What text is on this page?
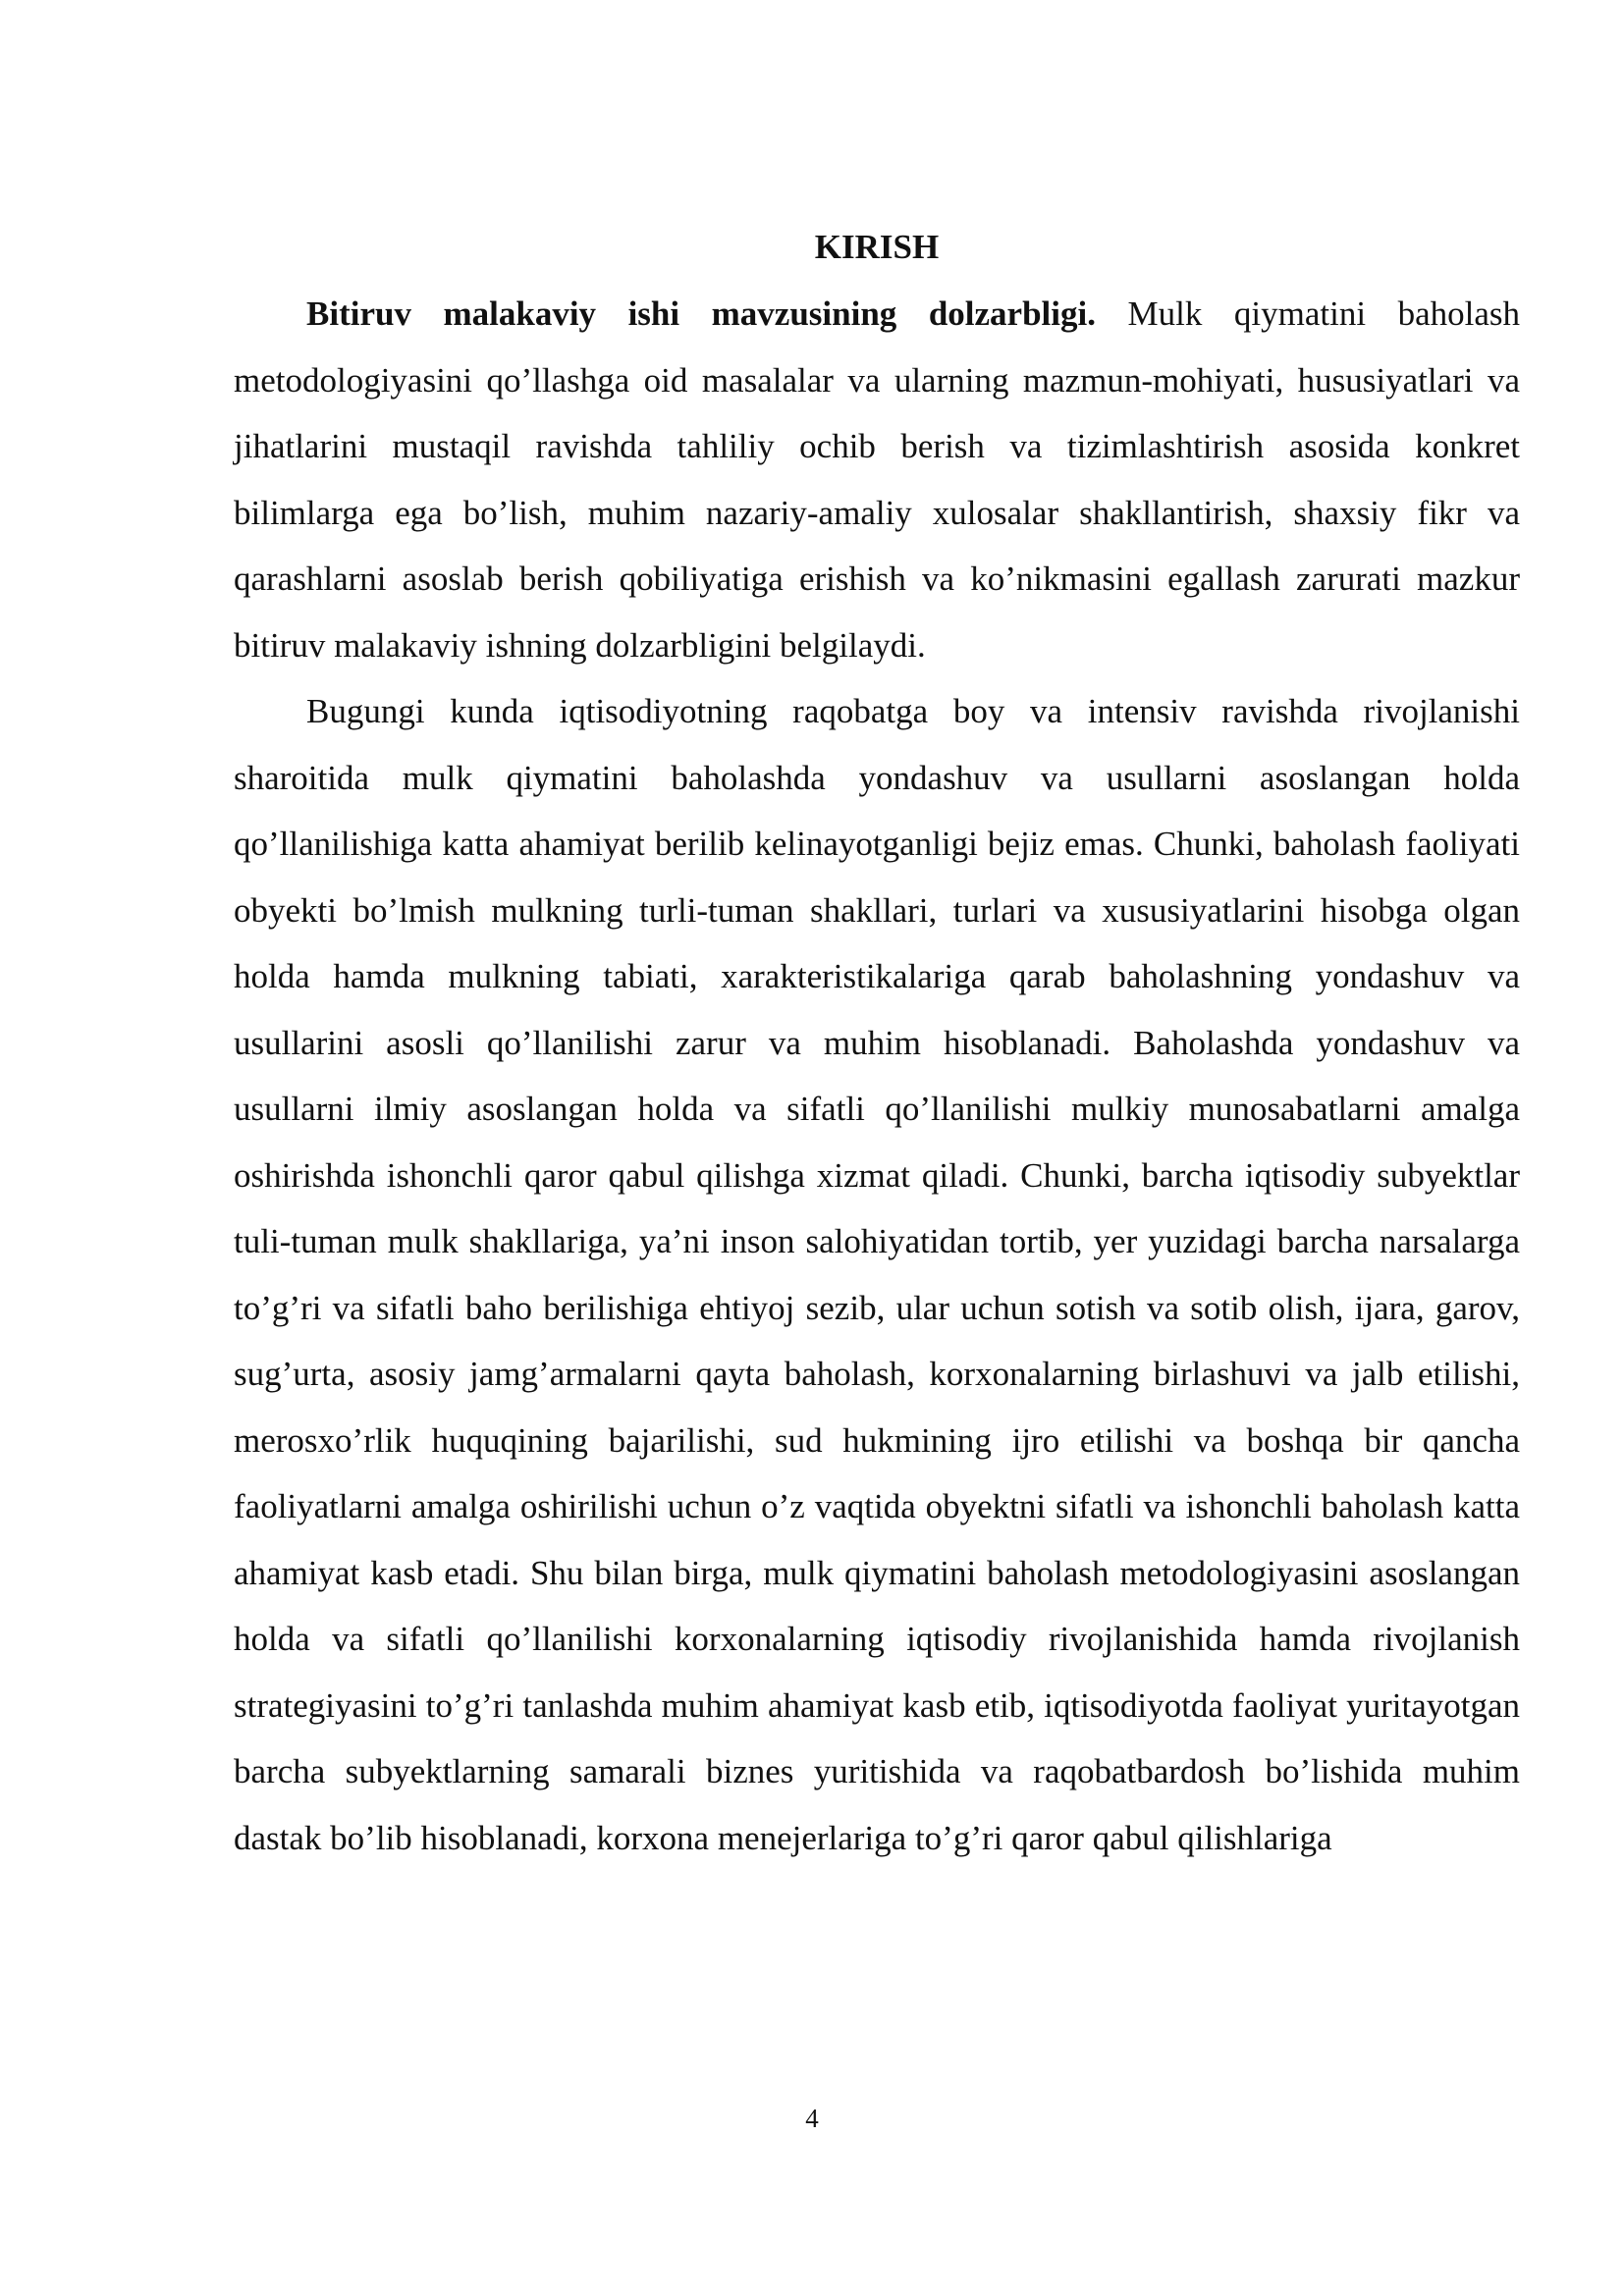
KIRISH

Bitiruv malakaviy ishi mavzusining dolzarbligi. Mulk qiymatini baholash metodologiyasini qo’llashga oid masalalar va ularning mazmun-mohiyati, hususiyatlari va jihatlarini mustaqil ravishda tahliliy ochib berish va tizimlashtirish asosida konkret bilimlarga ega bo’lish, muhim nazariy-amaliy xulosalar shakllantirish, shaxsiy fikr va qarashlarni asoslab berish qobiliyatiga erishish va ko’nikmasini egallash zarurati mazkur bitiruv malakaviy ishning dolzarbligini belgilaydi.

Bugungi kunda iqtisodiyotning raqobatga boy va intensiv ravishda rivojlanishi sharoitida mulk qiymatini baholashda yondashuv va usullarni asoslangan holda qo’llanilishiga katta ahamiyat berilib kelinayotganligi bejiz emas. Chunki, baholash faoliyati obyekti bo’lmish mulkning turli-tuman shakllari, turlari va xususiyatlarini hisobga olgan holda hamda mulkning tabiati, xarakteristikalariga qarab baholashning yondashuv va usullarini asosli qo’llanilishi zarur va muhim hisoblanadi. Baholashda yondashuv va usullarni ilmiy asoslangan holda va sifatli qo’llanilishi mulkiy munosabatlarni amalga oshirishda ishonchli qaror qabul qilishga xizmat qiladi. Chunki, barcha iqtisodiy subyektlar tuli-tuman mulk shakllariga, ya’ni inson salohiyatidan tortib, yer yuzidagi barcha narsalarga to’g’ri va sifatli baho berilishiga ehtiyoj sezib, ular uchun sotish va sotib olish, ijara, garov, sug’urta, asosiy jamg’armalarni qayta baholash, korxonalarning birlashuvi va jalb etilishi, merosxo’rlik huquqining bajarilishi, sud hukmining ijro etilishi va boshqa bir qancha faoliyatlarni amalga oshirilishi uchun o’z vaqtida obyektni sifatli va ishonchli baholash katta ahamiyat kasb etadi. Shu bilan birga, mulk qiymatini baholash metodologiyasini asoslangan holda va sifatli qo’llanilishi korxonalarning iqtisodiy rivojlanishida hamda rivojlanish strategiyasini to’g’ri tanlashda muhim ahamiyat kasb etib, iqtisodiyotda faoliyat yuritayotgan barcha subyektlarning samarali biznes yuritishida va raqobatbardosh bo’lishida muhim dastak bo’lib hisoblanadi, korxona menejerlariga to’g’ri qaror qabul qilishlariga

4
